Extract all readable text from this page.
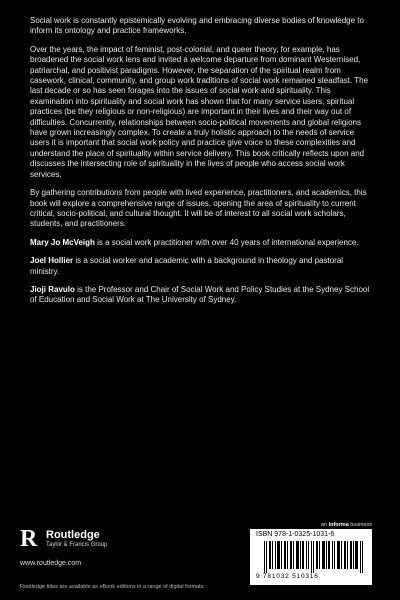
Social work is constantly epistemically evolving and embracing diverse bodies of knowledge to inform its ontology and practice frameworks.

Over the years, the impact of feminist, post-colonial, and queer theory, for example, has broadened the social work lens and invited a welcome departure from dominant Westernised, patriarchal, and positivist paradigms. However, the separation of the spiritual realm from casework, clinical, community, and group work traditions of social work remained steadfast. The last decade or so has seen forages into the issues of social work and spirituality. This examination into spirituality and social work has shown that for many service users, spiritual practices (be they religious or non-religious) are important in their lives and their way out of difficulties. Concurrently, relationships between socio-political movements and global religions have grown increasingly complex. To create a truly holistic approach to the needs of service users it is important that social work policy and practice give voice to these complexities and understand the place of spirituality within service delivery. This book critically reflects upon and discusses the intersecting role of spirituality in the lives of people who access social work services.

By gathering contributions from people with lived experience, practitioners, and academics, this book will explore a comprehensive range of issues, opening the area of spirituality to current critical, socio-political, and cultural thought. It will be of interest to all social work scholars, students, and practitioners.

Mary Jo McVeigh is a social work practitioner with over 40 years of international experience.
Joel Hollier is a social worker and academic with a background in theology and pastoral ministry.
Jioji Ravulo is the Professor and Chair of Social Work and Policy Studies at the Sydney School of Education and Social Work at The University of Sydney.
R Routledge
Taylor & Francis Group
www.routledge.com
Routledge titles are available as eBook editions in a range of digital formats
an informa business
ISBN 978-1-0325-1031-6
9 781032 510316
